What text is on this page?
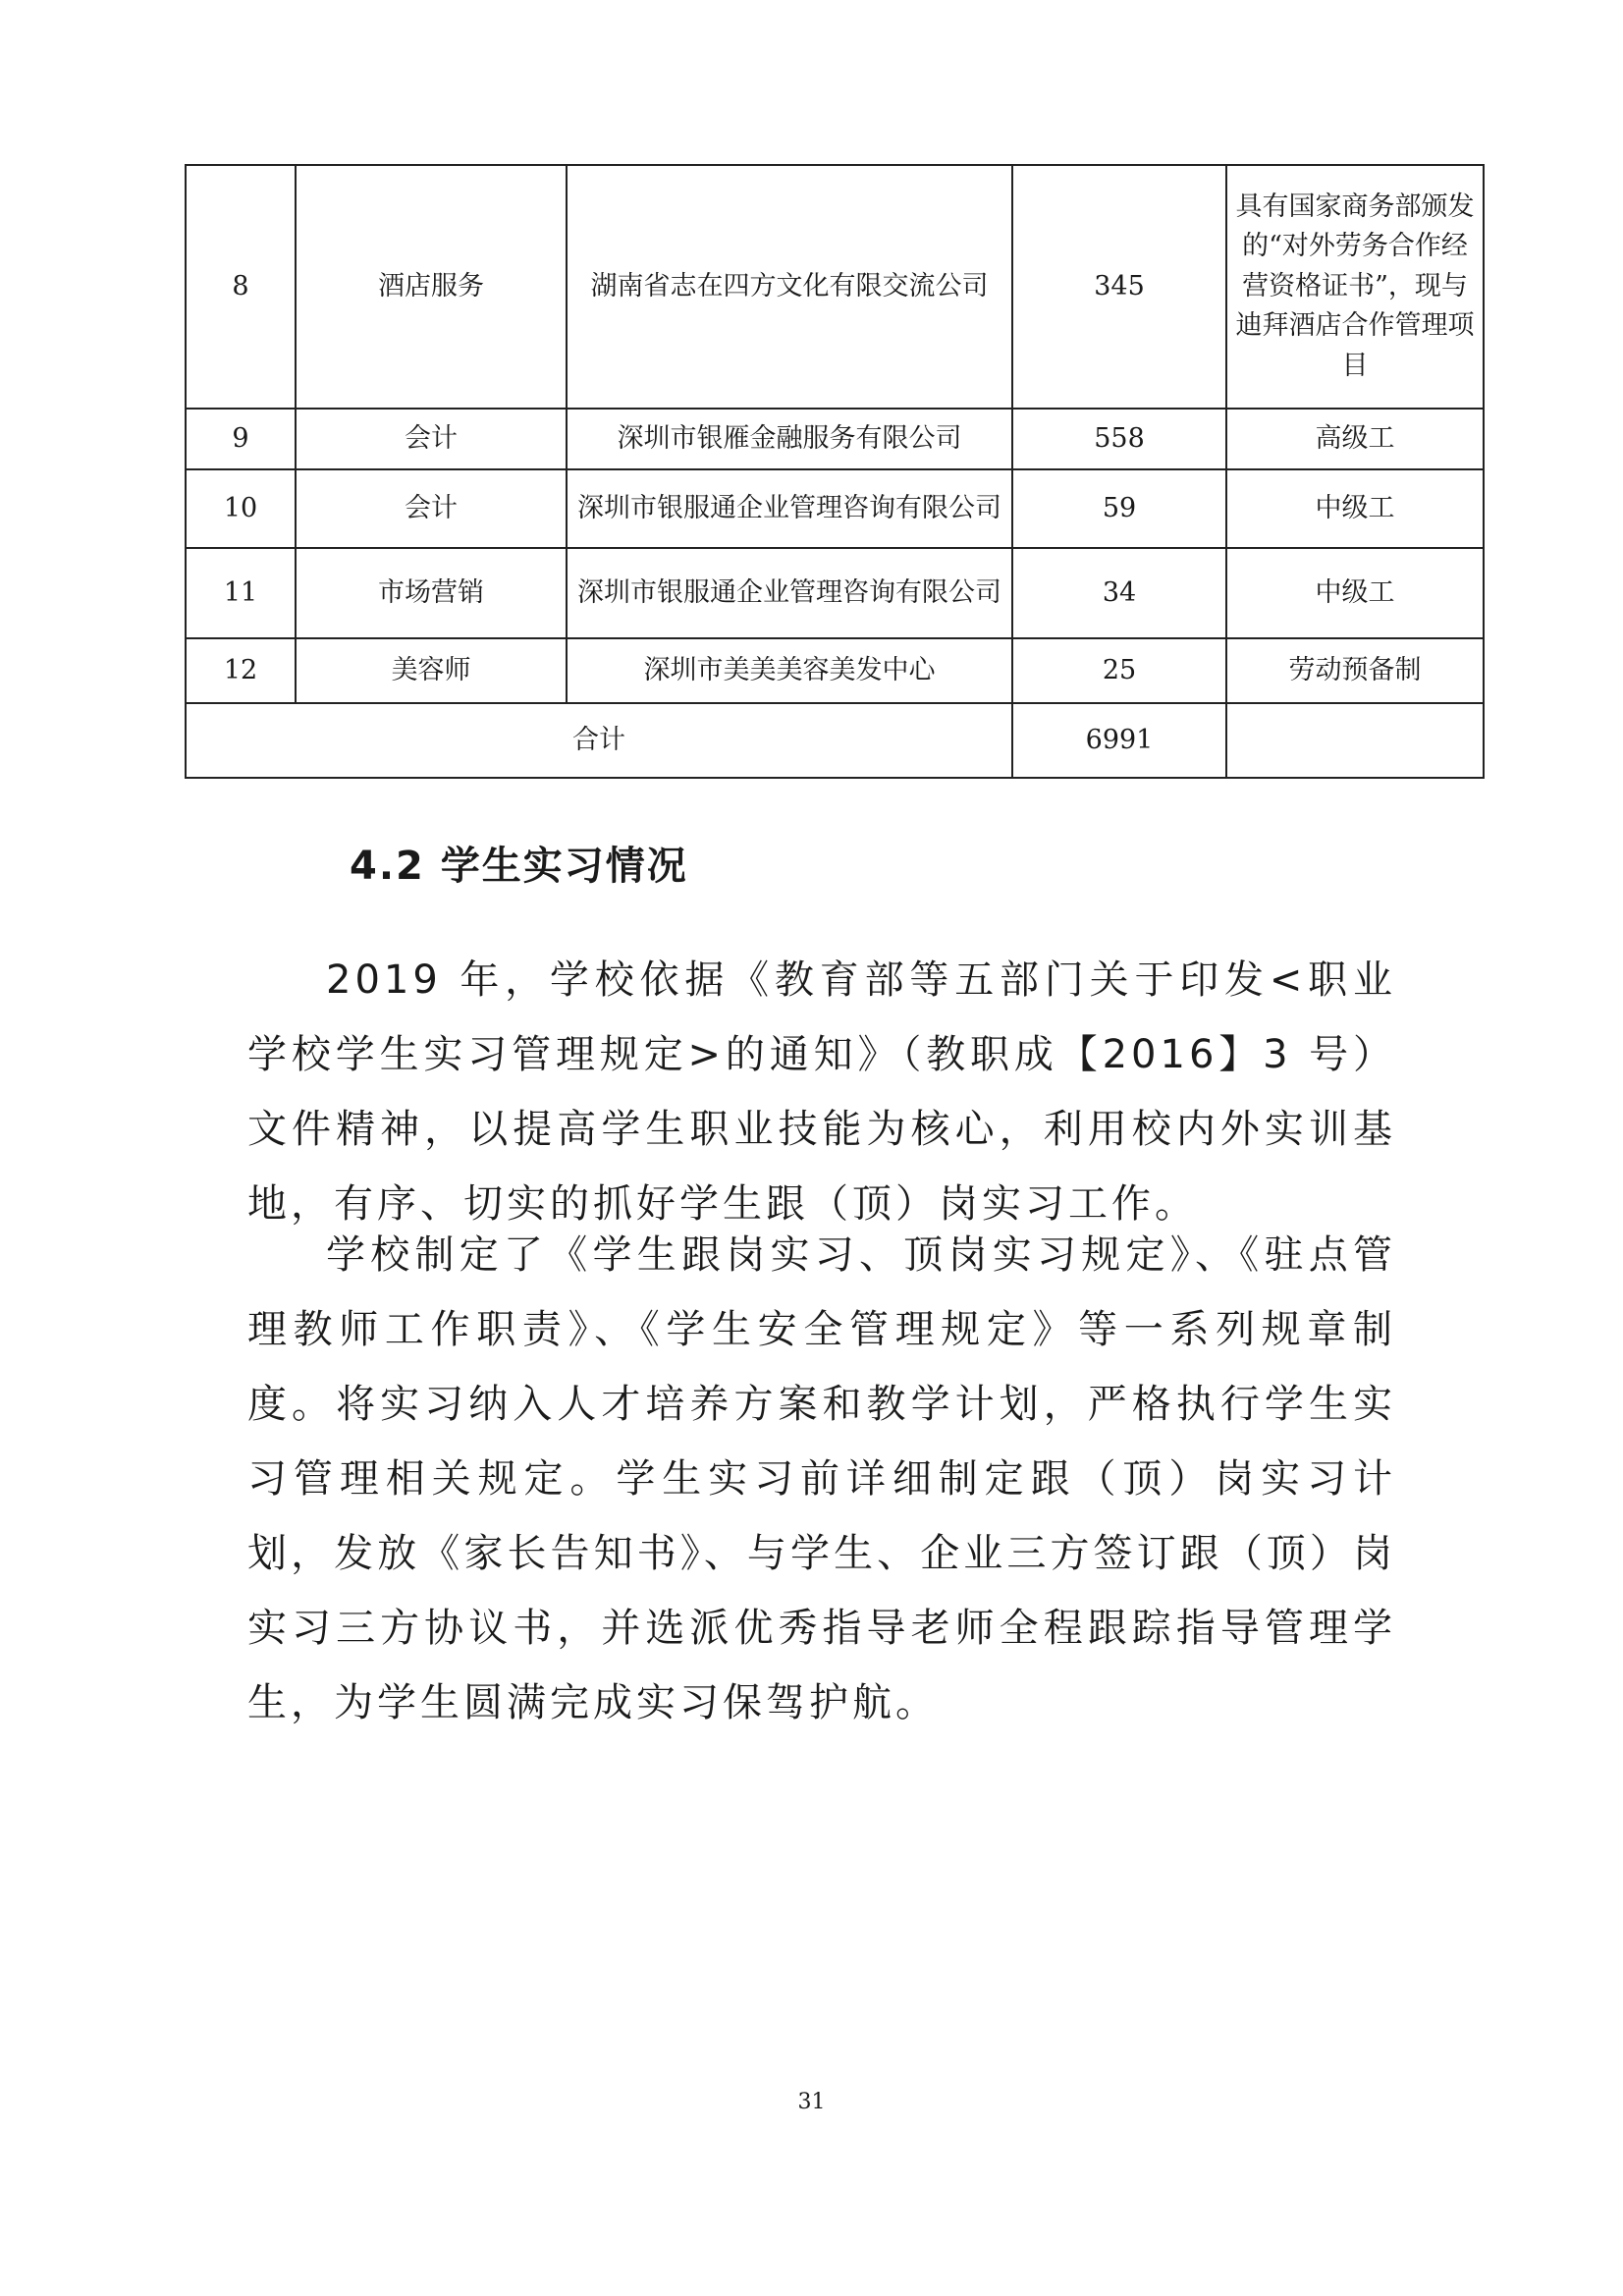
8	酒店服务	湖南省志在四方文化有限交流公司	345	具有国家商务部颁发的“对外劳务合作经营资格证书”，现与迪拜酒店合作管理项目
9	会计	深圳市银雁金融服务有限公司	558	高级工
10	会计	深圳市银服通企业管理咨询有限公司	59	中级工
11	市场营销	深圳市银服通企业管理咨询有限公司	34	中级工
12	美容师	深圳市美美美容美发中心	25	劳动预备制
合计			6991	
4.2 学生实习情况

2019 年，学校依据《教育部等五部门关于印发<职业学校学生实习管理规定>的通知》（教职成【2016】3 号）文件精神，以提高学生职业技能为核心，利用校内外实训基地，有序、切实的抓好学生跟（顶）岗实习工作。

学校制定了《学生跟岗实习、顶岗实习规定》、《驻点管理教师工作职责》、《学生安全管理规定》等一系列规章制度。将实习纳入人才培养方案和教学计划，严格执行学生实习管理相关规定。学生实习前详细制定跟（顶）岗实习计划，发放《家长告知书》、与学生、企业三方签订跟（顶）岗实习三方协议书，并选派优秀指导老师全程跟踪指导管理学生，为学生圆满完成实习保驾护航。

31
